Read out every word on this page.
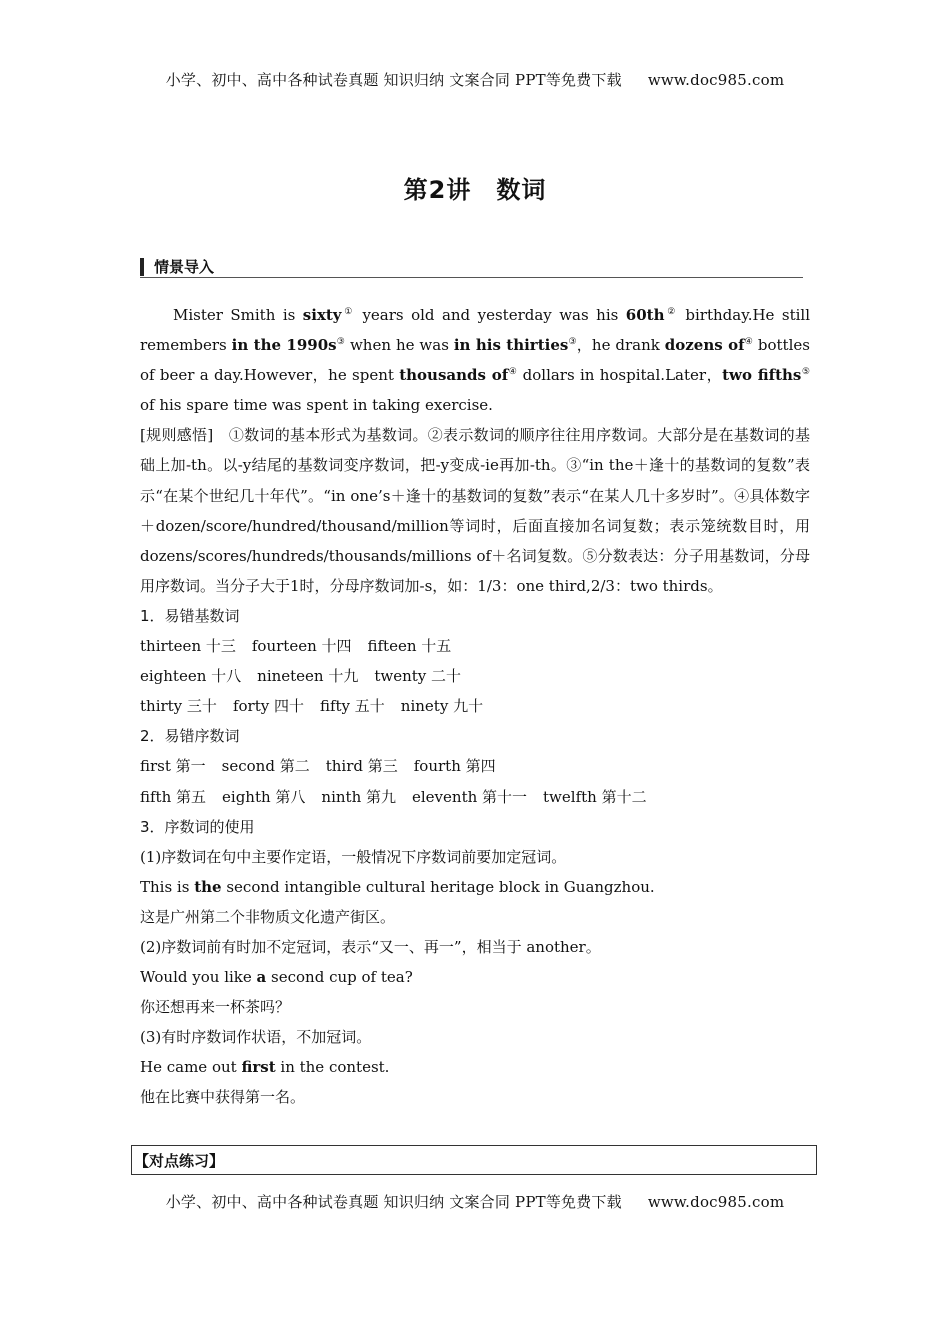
小学、初中、高中各种试卷真题 知识归纳 文案合同 PPT等免费下载 www.doc985.com
第2讲　数词
情景导入

Mister Smith is sixty① years old and yesterday was his 60th② birthday.He still remembers in the 1990s③ when he was in his thirties③，he drank dozens of④ bottles of beer a day.However，he spent thousands of④ dollars in hospital.Later，two fifths⑤ of his spare time was spent in taking exercise.

[规则感悟]　①数词的基本形式为基数词。②表示数词的顺序往往用序数词。大部分是在基数词的基础上加-th。以-y结尾的基数词变序数词，把-y变成-ie再加-th。③“in the＋逢十的基数词的复数”表示“在某个世纪几十年代”。“in one’s＋逢十的基数词的复数”表示“在某人几十多岁时”。④具体数字＋dozen/score/hundred/thousand/million等词时，后面直接加名词复数；表示笼统数目时，用dozens/scores/hundreds/thousands/millions of＋名词复数。⑤分数表达：分子用基数词，分母用序数词。当分子大于1时，分母序数词加-s，如：1/3：one third,2/3：two thirds。

1．易错基数词

thirteen 十三 fourteen 十四 fifteen 十五

eighteen 十八 nineteen 十九 twenty 二十

thirty 三十 forty 四十 fifty 五十 ninety 九十

2．易错序数词

first 第一 second 第二 third 第三 fourth 第四

fifth 第五 eighth 第八 ninth 第九 eleventh 第十一 twelfth 第十二

3．序数词的使用

(1)序数词在句中主要作定语，一般情况下序数词前要加定冠词。

This is the second intangible cultural heritage block in Guangzhou.

这是广州第二个非物质文化遗产街区。

(2)序数词前有时加不定冠词，表示“又一、再一”，相当于 another。

Would you like a second cup of tea?

你还想再来一杯茶吗？

(3)有时序数词作状语，不加冠词。

He came out first in the contest.

他在比赛中获得第一名。

【对点练习】
小学、初中、高中各种试卷真题 知识归纳 文案合同 PPT等免费下载 www.doc985.com
